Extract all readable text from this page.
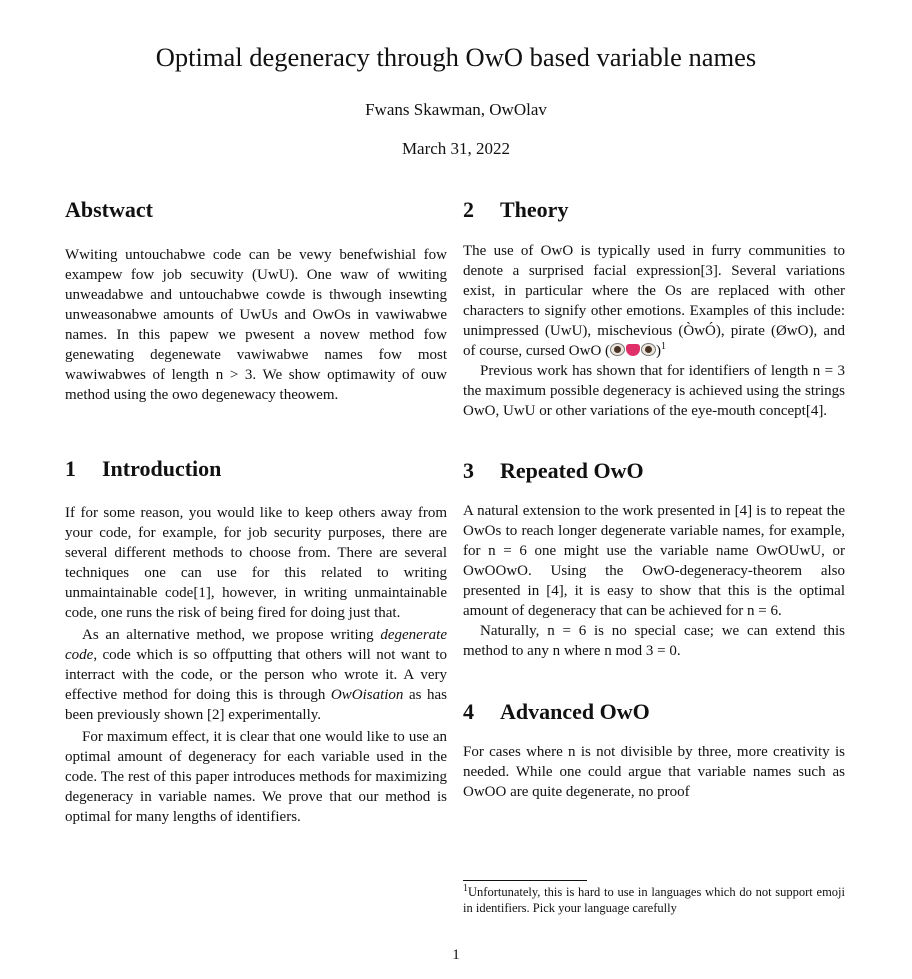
Optimal degeneracy through OwO based variable names
Fwans Skawman, OwOlav
March 31, 2022
Abstwact

Wwiting untouchabwe code can be vewy benefwishial fow exampew fow job secuwity (UwU). One waw of wwiting unweadabwe and untouchabwe cowde is thwough insewting unweasonabwe amounts of UwUs and OwOs in vawiwabwe names. In this papew we pwesent a novew method fow genewating degenewate vawiwabwe names fow most wawiwabwes of length n > 3. We show optimawity of ouw method using the owo degenewacy theowem.

1 Introduction

If for some reason, you would like to keep others away from your code, for example, for job security purposes, there are several different methods to choose from. There are several techniques one can use for this related to writing unmaintainable code[1], however, in writing unmaintainable code, one runs the risk of being fired for doing just that.

As an alternative method, we propose writing degenerate code, code which is so offputting that others will not want to interract with the code, or the person who wrote it. A very effective method for doing this is through OwOisation as has been previously shown [2] experimentally.

For maximum effect, it is clear that one would like to use an optimal amount of degeneracy for each variable used in the code. The rest of this paper introduces methods for maximizing degeneracy in variable names. We prove that our method is optimal for many lengths of identifiers.

2 Theory

The use of OwO is typically used in furry communities to denote a surprised facial expression[3]. Several variations exist, in particular where the Os are replaced with other characters to signify other emotions. Examples of this include: unimpressed (UwU), mischevious (ÒwÓ), pirate (ØwO), and of course, cursed OwO (	)$^1$

Previous work has shown that for identifiers of length n = 3 the maximum possible degeneracy is achieved using the strings OwO, UwU or other variations of the eye-mouth concept[4].

3 Repeated OwO

A natural extension to the work presented in [4] is to repeat the OwOs to reach longer degenerate variable names, for example, for n = 6 one might use the variable name OwOUwU, or OwOOwO. Using the OwO-degeneracy-theorem also presented in [4], it is easy to show that this is the optimal amount of degeneracy that can be achieved for n = 6.

Naturally, n = 6 is no special case; we can extend this method to any n where n mod 3 = 0.

4 Advanced OwO

For cases where n is not divisible by three, more creativity is needed. While one could argue that variable names such as OwOO are quite degenerate, no proof

$^1$Unfortunately, this is hard to use in languages which do not support emoji in identifiers. Pick your language carefully
1
